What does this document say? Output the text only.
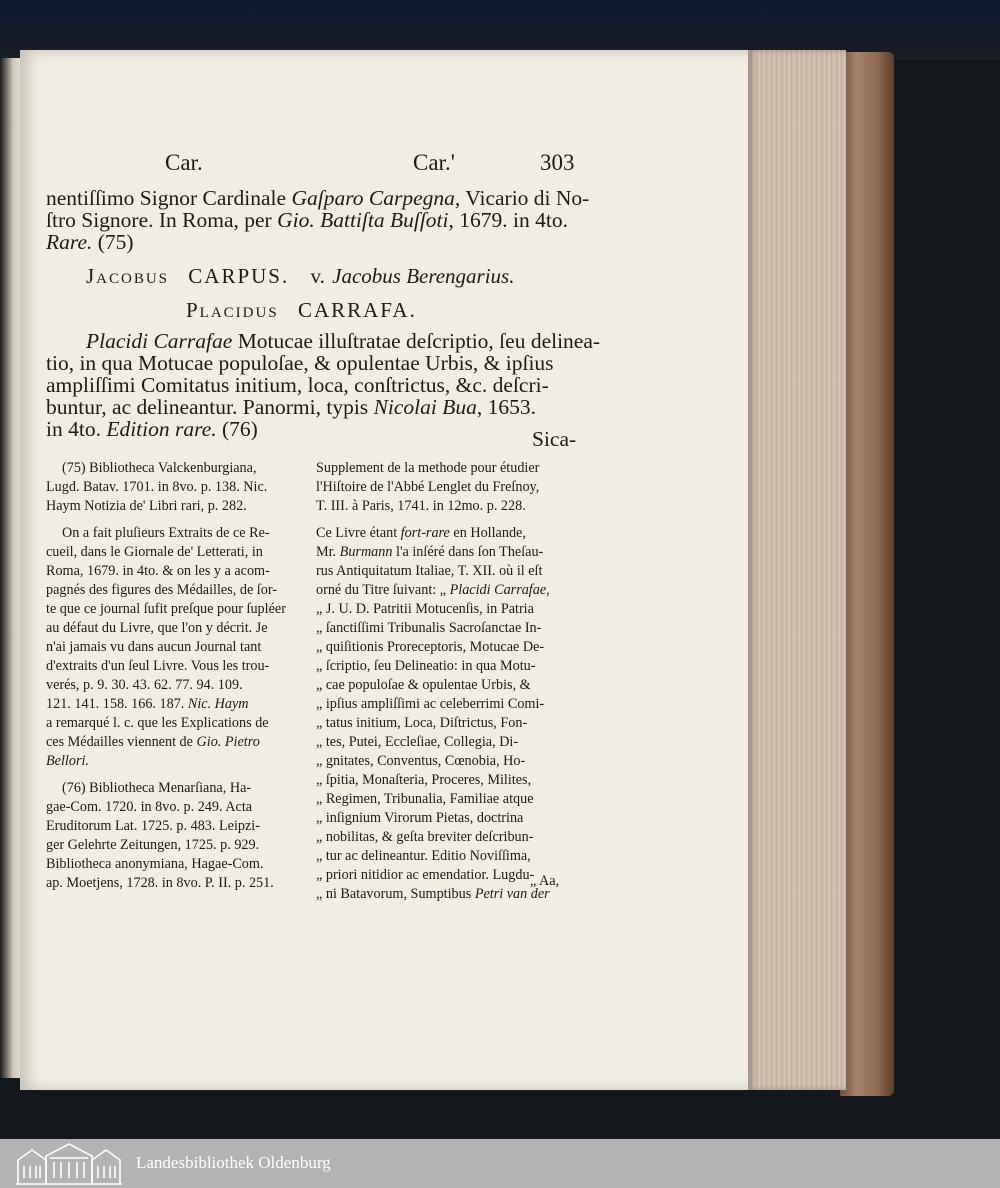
Car.	Car.'	303
nentiſſimo Signor Cardinale Gaſparo Carpegna, Vicario di No-
ſtro Signore. In Roma, per Gio. Battiſta Buſſoti, 1679. in 4to.
Rare. (75)
Jacobus CARPUS. v. Jacobus Berengarius.
Placidus CARRAFA.
Placidi Carrafae Motucae illuſtratae deſcriptio, ſeu delinea-
tio, in qua Motucae populoſae, & opulentae Urbis, & ipſius
ampliſſimi Comitatus initium, loca, conſtrictus, &c. deſcri-
buntur, ac delineantur. Panormi, typis Nicolai Bua, 1653.
in 4to. Edition rare. (76)	Sica-
(75) Bibliotheca Valckenburgiana,
Lugd. Batav. 1701. in 8vo. p. 138. Nic.
Haym Notizia de' Libri rari, p. 282.
On a fait pluſieurs Extraits de ce Re-
cueil, dans le Giornale de' Letterati, in
Roma, 1679. in 4to. & on les y a acom-
pagnés des figures des Médailles, de ſor-
te que ce journal ſufit preſque pour ſupléer
au défaut du Livre, que l'on y décrit. Je
n'ai jamais vu dans aucun Journal tant
d'extraits d'un ſeul Livre. Vous les trou-
verés, p. 9. 30. 43. 62. 77. 94. 109.
121. 141. 158. 166. 187. Nic. Haym
a remarqué l. c. que les Explications de
ces Médailles viennent de Gio. Pietro
Bellori.
(76) Bibliotheca Menarſiana, Ha-
gae-Com. 1720. in 8vo. p. 249. Acta
Eruditorum Lat. 1725. p. 483. Leipzi-
ger Gelehrte Zeitungen, 1725. p. 929.
Bibliotheca anonymiana, Hagae-Com.
ap. Moetjens, 1728. in 8vo. P. II. p. 251.
Supplement de la methode pour étudier
l'Hiſtoire de l'Abbé Lenglet du Freſnoy,
T. III. à Paris, 1741. in 12mo. p. 228.
Ce Livre étant fort-rare en Hollande,
Mr. Burmann l'a inſéré dans ſon Theſau-
rus Antiquitatum Italiae, T. XII. où il eſt
orné du Titre ſuivant: „ Placidi Carrafae,
„ J. U. D. Patritii Motucenſis, in Patria
„ ſanctiſſimi Tribunalis Sacroſanctae In-
„ quiſitionis Proreceptoris, Motucae De-
„ ſcriptio, ſeu Delineatio: in qua Motu-
„ cae populoſae & opulentae Urbis, &
„ ipſius ampliſſimi ac celeberrimi Comi-
„ tatus initium, Loca, Diſtrictus, Fon-
„ tes, Putei, Eccleſiae, Collegia, Di-
„ gnitates, Conventus, Cœnobia, Ho-
„ ſpitia, Monaſteria, Proceres, Milites,
„ Regimen, Tribunalia, Familiae atque
„ inſignium Virorum Pietas, doctrina
„ nobilitas, & geſta breviter deſcribun-
„ tur ac delineantur. Editio Noviſſima,
„ priori nitidior ac emendatior. Lugdu-
„ ni Batavorum, Sumptibus Petri van der
„ Aa,
Landesbibliothek Oldenburg
